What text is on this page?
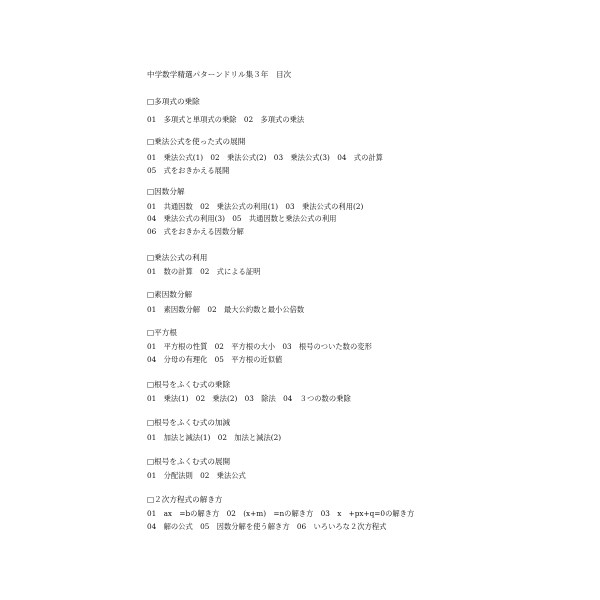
中学数学精選パターンドリル集３年　目次
□多項式の乗除
01　多項式と単項式の乗除　02　多項式の乗法
□乗法公式を使った式の展開
01　乗法公式(1)　02　乗法公式(2)　03　乗法公式(3)　04　式の計算
05　式をおきかえる展開
□因数分解
01　共通因数　02　乗法公式の利用(1)　03　乗法公式の利用(2)
04　乗法公式の利用(3)　05　共通因数と乗法公式の利用
06　式をおきかえる因数分解
□乗法公式の利用
01　数の計算　02　式による証明
□素因数分解
01　素因数分解　02　最大公約数と最小公倍数
□平方根
01　平方根の性質　02　平方根の大小　03　根号のついた数の変形
04　分母の有理化　05　平方根の近似値
□根号をふくむ式の乗除
01　乗法(1)　02　乗法(2)　03　除法　04　３つの数の乗除
□根号をふくむ式の加減
01　加法と減法(1)　02　加法と減法(2)
□根号をふくむ式の展開
01　分配法則　02　乗法公式
□２次方程式の解き方
01　ax　=bの解き方　02　(x+m)　=nの解き方　03　x　+px+q=0の解き方
04　解の公式　05　因数分解を使う解き方　06　いろいろな２次方程式
